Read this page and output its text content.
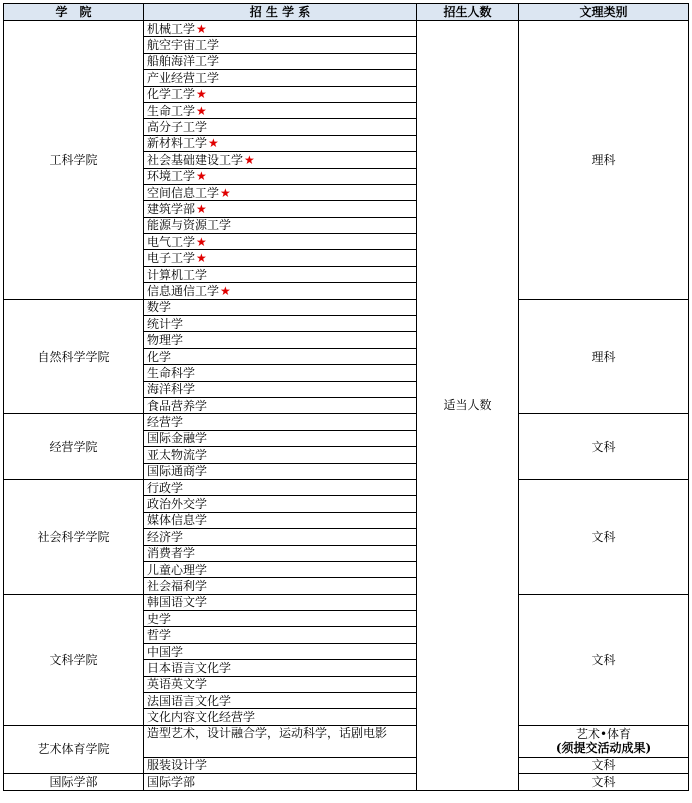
学　院	招 生 学 系	招生人数	文理类别
工科学院	机械工学★	适当人数	理科
	航空宇宙工学		
	船舶海洋工学		
	产业经营工学		
	化学工学★		
	生命工学★		
	高分子工学		
	新材料工学★		
	社会基础建设工学★		
	环境工学★		
	空间信息工学★		
	建筑学部★		
	能源与资源工学		
	电气工学★		
	电子工学★		
	计算机工学		
	信息通信工学★		
自然科学学院	数学		理科
	统计学		
	物理学		
	化学		
	生命科学		
	海洋科学		
	食品营养学		
经营学院	经营学		文科
	国际金融学		
	亚太物流学		
	国际通商学		
社会科学学院	行政学		文科
	政治外交学		
	媒体信息学		
	经济学		
	消费者学		
	儿童心理学		
	社会福利学		
文科学院	韩国语文学		文科
	史学		
	哲学		
	中国学		
	日本语言文化学		
	英语英文学		
	法国语言文化学		
	文化内容文化经营学		
艺术体育学院	造型艺术，设计融合学，运动科学，话剧电影		艺术•体育
(须提交活动成果)

	服装设计学		文科
国际学部	国际学部		文科
